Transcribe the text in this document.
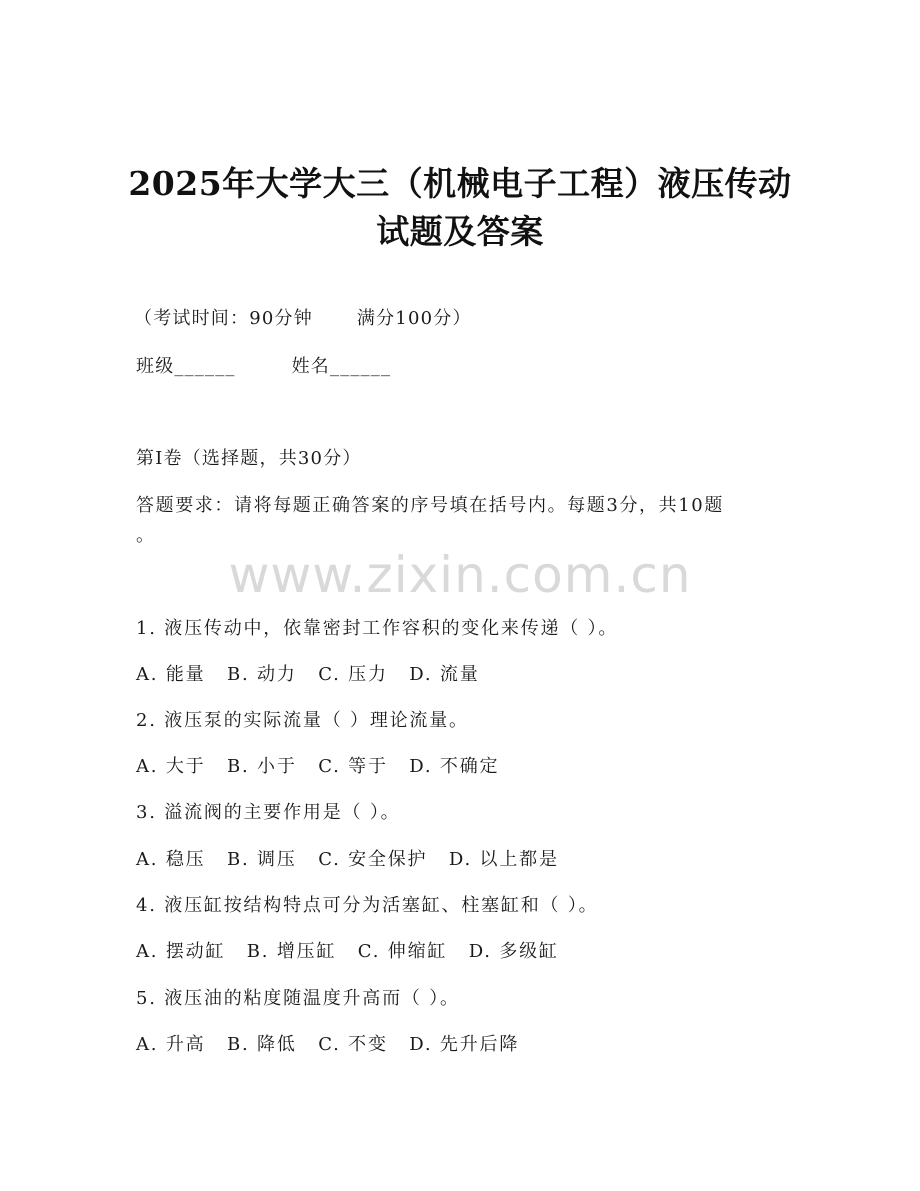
2025年大学大三（机械电子工程）液压传动
试题及答案
（考试时间：90分钟 满分100分）
班级______	姓名______
第I卷（选择题，共30分）
答题要求：请将每题正确答案的序号填在括号内。每题3分，共10题
。
www.zixin.com.cn
1. 液压传动中，依靠密封工作容积的变化来传递（ ）。
A. 能量 B. 动力 C. 压力 D. 流量
2. 液压泵的实际流量（ ）理论流量。
A. 大于 B. 小于 C. 等于 D. 不确定
3. 溢流阀的主要作用是（ ）。
A. 稳压 B. 调压 C. 安全保护 D. 以上都是
4. 液压缸按结构特点可分为活塞缸、柱塞缸和（ ）。
A. 摆动缸 B. 增压缸 C. 伸缩缸 D. 多级缸
5. 液压油的粘度随温度升高而（ ）。
A. 升高 B. 降低 C. 不变 D. 先升后降
